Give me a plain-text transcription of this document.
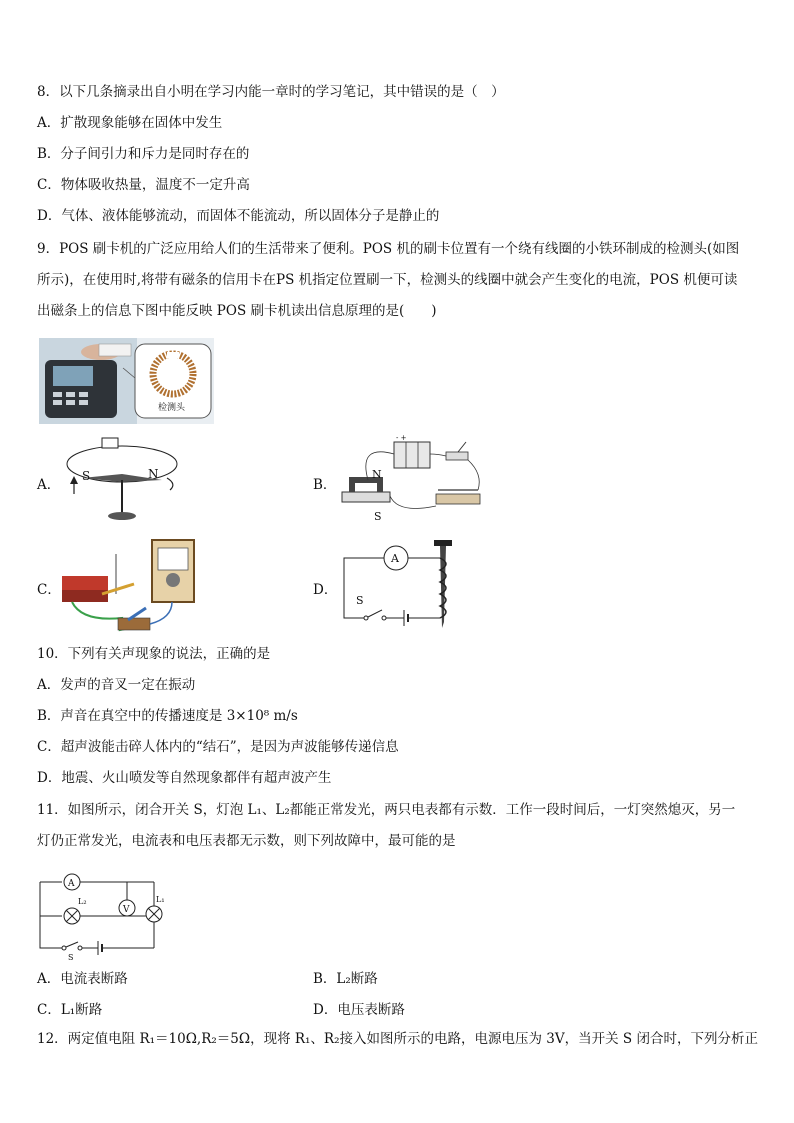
8．以下几条摘录出自小明在学习内能一章时的学习笔记，其中错误的是（　）
A．扩散现象能够在固体中发生
B．分子间引力和斥力是同时存在的
C．物体吸收热量，温度不一定升高
D．气体、液体能够流动，而固体不能流动，所以固体分子是静止的
9．POS 刷卡机的广泛应用给人们的生活带来了便利。POS 机的刷卡位置有一个绕有线圈的小铁环制成的检测头(如图
所示)，在使用时,将带有磁条的信用卡在PS 机指定位置刷一下，检测头的线圈中就会产生变化的电流，POS 机便可读
出磁条上的信息下图中能反映 POS 刷卡机读出信息原理的是(　　)
检测头
A．	B．
C．	D．
S	N
- +
N
S
A
S
10．下列有关声现象的说法，正确的是
A．发声的音叉一定在振动
B．声音在真空中的传播速度是 3×10⁸ m/s
C．超声波能击碎人体内的“结石”，是因为声波能够传递信息
D．地震、火山喷发等自然现象都伴有超声波产生
11．如图所示，闭合开关 S，灯泡 L₁、L₂都能正常发光，两只电表都有示数．工作一段时间后，一灯突然熄灭，另一
灯仍正常发光，电流表和电压表都无示数，则下列故障中，最可能的是
A
L₂
V
L₁
S
A．电流表断路	B．L₂断路
C．L₁断路	D．电压表断路
12．两定值电阻 R₁＝10Ω,R₂＝5Ω，现将 R₁、R₂接入如图所示的电路，电源电压为 3V，当开关 S 闭合时，下列分析正
